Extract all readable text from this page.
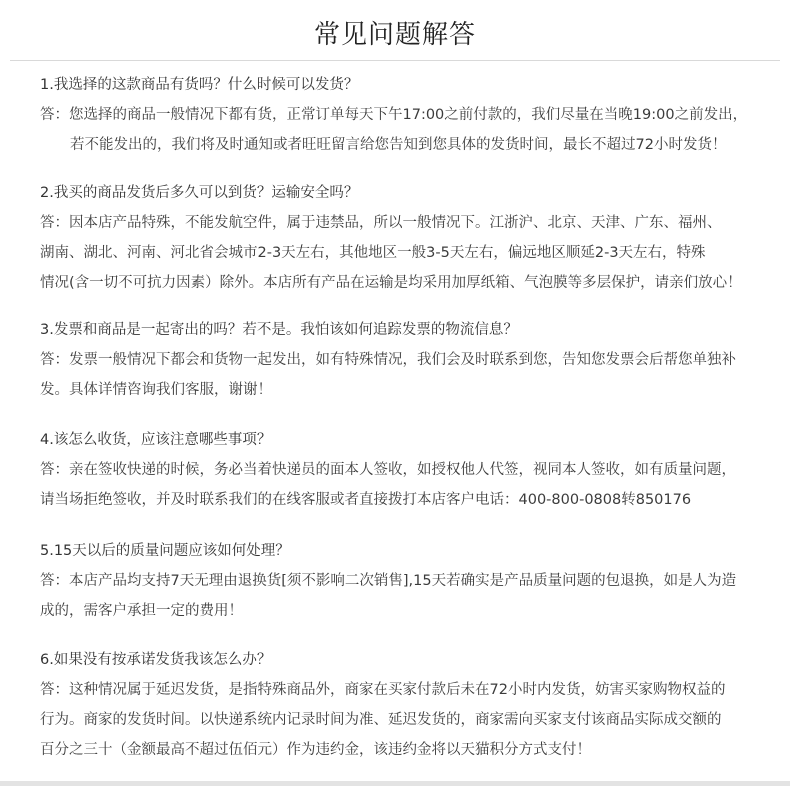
常见问题解答
1.我选择的这款商品有货吗？什么时候可以发货？
答：您选择的商品一般情况下都有货，正常订单每天下午17:00之前付款的，我们尽量在当晚19:00之前发出，
若不能发出的，我们将及时通知或者旺旺留言给您告知到您具体的发货时间，最长不超过72小时发货！
2.我买的商品发货后多久可以到货？运输安全吗？
答：因本店产品特殊，不能发航空件，属于违禁品，所以一般情况下。江浙沪、北京、天津、广东、福州、
湖南、湖北、河南、河北省会城市2-3天左右，其他地区一般3-5天左右，偏远地区顺延2-3天左右，特殊
情况(含一切不可抗力因素）除外。本店所有产品在运输是均采用加厚纸箱、气泡膜等多层保护，请亲们放心！
3.发票和商品是一起寄出的吗？若不是。我怕该如何追踪发票的物流信息？
答：发票一般情况下都会和货物一起发出，如有特殊情况，我们会及时联系到您，告知您发票会后帮您单独补
发。具体详情咨询我们客服，谢谢！
4.该怎么收货，应该注意哪些事项？
答：亲在签收快递的时候，务必当着快递员的面本人签收，如授权他人代签，视同本人签收，如有质量问题，
请当场拒绝签收，并及时联系我们的在线客服或者直接拨打本店客户电话：400-800-0808转850176
5.15天以后的质量问题应该如何处理？
答：本店产品均支持7天无理由退换货[须不影响二次销售],15天若确实是产品质量问题的包退换，如是人为造
成的，需客户承担一定的费用！
6.如果没有按承诺发货我该怎么办？
答：这种情况属于延迟发货，是指特殊商品外，商家在买家付款后未在72小时内发货，妨害买家购物权益的
行为。商家的发货时间。以快递系统内记录时间为准、延迟发货的，商家需向买家支付该商品实际成交额的
百分之三十（金额最高不超过伍佰元）作为违约金，该违约金将以天猫积分方式支付！
